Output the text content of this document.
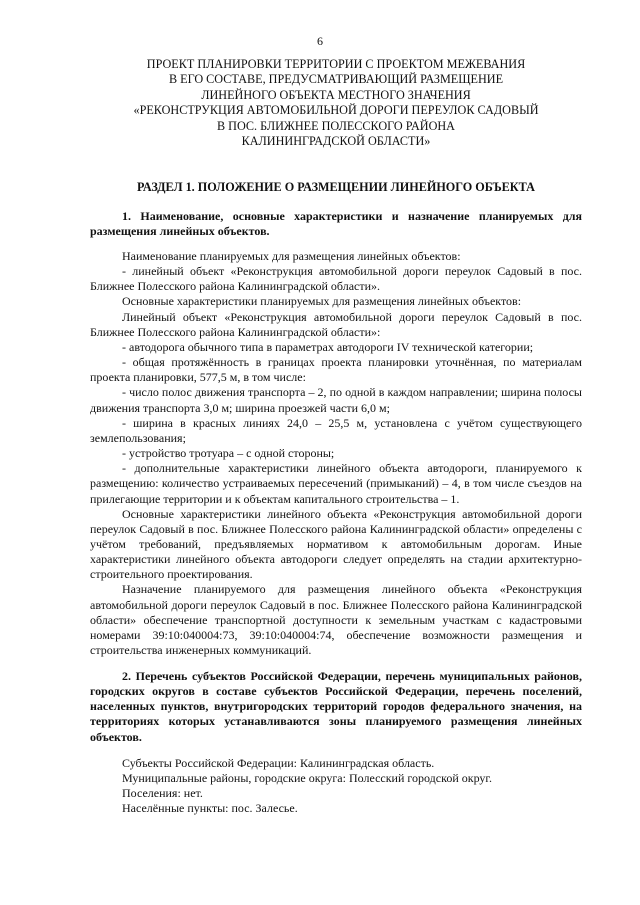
6
ПРОЕКТ ПЛАНИРОВКИ ТЕРРИТОРИИ С ПРОЕКТОМ МЕЖЕВАНИЯ
В ЕГО СОСТАВЕ, ПРЕДУСМАТРИВАЮЩИЙ РАЗМЕЩЕНИЕ
ЛИНЕЙНОГО ОБЪЕКТА МЕСТНОГО ЗНАЧЕНИЯ
«РЕКОНСТРУКЦИЯ АВТОМОБИЛЬНОЙ ДОРОГИ ПЕРЕУЛОК САДОВЫЙ
В ПОС. БЛИЖНЕЕ ПОЛЕССКОГО РАЙОНА
КАЛИНИНГРАДСКОЙ ОБЛАСТИ»
РАЗДЕЛ 1. ПОЛОЖЕНИЕ О РАЗМЕЩЕНИИ ЛИНЕЙНОГО ОБЪЕКТА

1. Наименование, основные характеристики и назначение планируемых для размещения линейных объектов.

Наименование планируемых для размещения линейных объектов:

- линейный объект «Реконструкция автомобильной дороги переулок Садовый в пос. Ближнее Полесского района Калининградской области».

Основные характеристики планируемых для размещения линейных объектов:

Линейный объект «Реконструкция автомобильной дороги переулок Садовый в пос. Ближнее Полесского района Калининградской области»:

- автодорога обычного типа в параметрах автодороги IV технической категории;

- общая протяжённость в границах проекта планировки уточнённая, по материалам проекта планировки, 577,5 м, в том числе:

- число полос движения транспорта – 2, по одной в каждом направлении; ширина полосы движения транспорта 3,0 м; ширина проезжей части 6,0 м;

- ширина в красных линиях 24,0 – 25,5 м, установлена с учётом существующего землепользования;

- устройство тротуара – с одной стороны;

- дополнительные характеристики линейного объекта автодороги, планируемого к размещению: количество устраиваемых пересечений (примыканий) – 4, в том числе съездов на прилегающие территории и к объектам капитального строительства – 1.

Основные характеристики линейного объекта «Реконструкция автомобильной дороги переулок Садовый в пос. Ближнее Полесского района Калининградской области» определены с учётом требований, предъявляемых нормативом к автомобильным дорогам. Иные характеристики линейного объекта автодороги следует определять на стадии архитектурно-строительного проектирования.

Назначение планируемого для размещения линейного объекта «Реконструкция автомобильной дороги переулок Садовый в пос. Ближнее Полесского района Калининградской области» обеспечение транспортной доступности к земельным участкам с кадастровыми номерами 39:10:040004:73, 39:10:040004:74, обеспечение возможности размещения и строительства инженерных коммуникаций.

2. Перечень субъектов Российской Федерации, перечень муниципальных районов, городских округов в составе субъектов Российской Федерации, перечень поселений, населенных пунктов, внутригородских территорий городов федерального значения, на территориях которых устанавливаются зоны планируемого размещения линейных объектов.

Субъекты Российской Федерации: Калининградская область.

Муниципальные районы, городские округа: Полесский городской округ.

Поселения: нет.

Населённые пункты: пос. Залесье.
